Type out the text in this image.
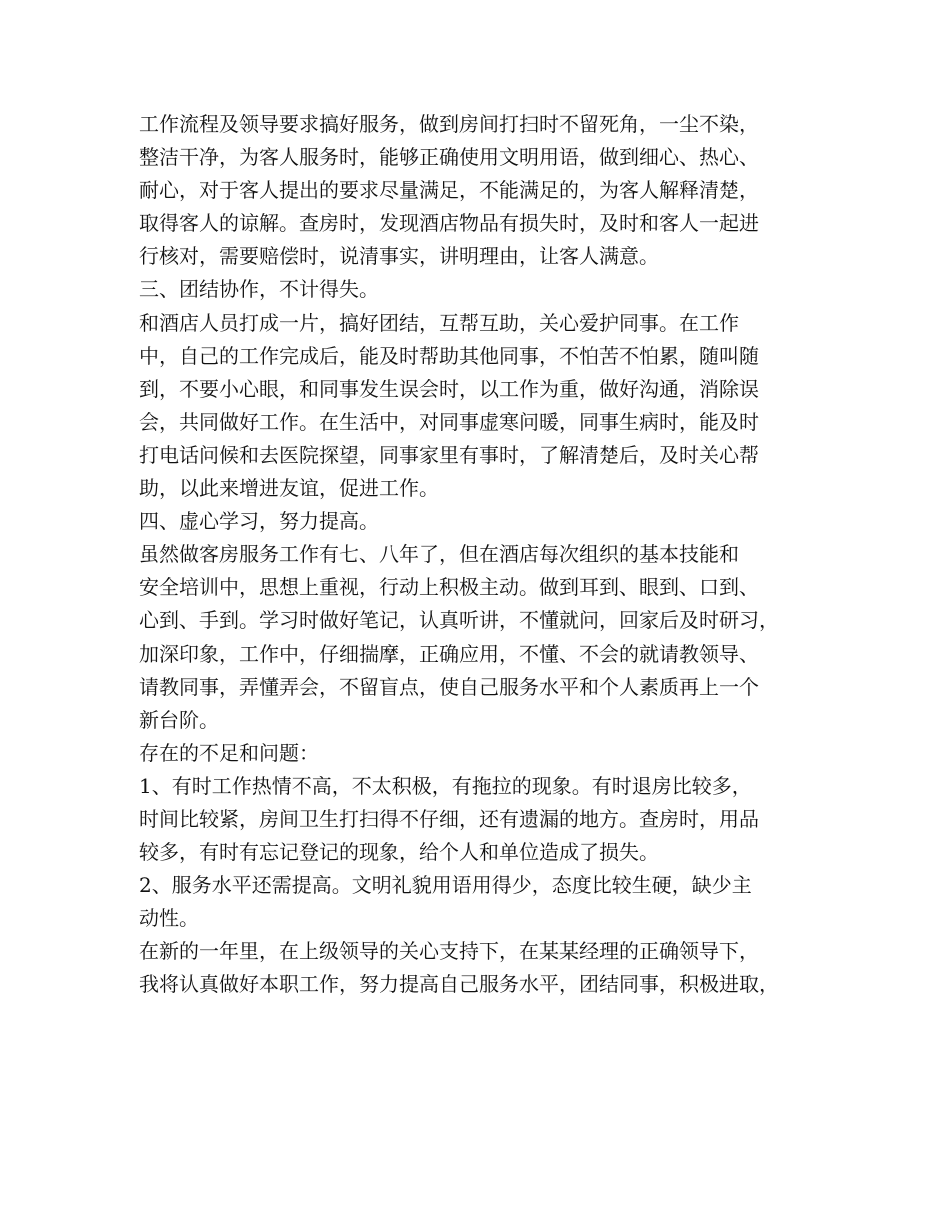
工作流程及领导要求搞好服务，做到房间打扫时不留死角，一尘不染，
整洁干净，为客人服务时，能够正确使用文明用语，做到细心、热心、
耐心，对于客人提出的要求尽量满足，不能满足的，为客人解释清楚，
取得客人的谅解。查房时，发现酒店物品有损失时，及时和客人一起进
行核对，需要赔偿时，说清事实，讲明理由，让客人满意。
三、团结协作，不计得失。
和酒店人员打成一片，搞好团结，互帮互助，关心爱护同事。在工作
中，自己的工作完成后，能及时帮助其他同事，不怕苦不怕累，随叫随
到，不要小心眼，和同事发生误会时，以工作为重，做好沟通，消除误
会，共同做好工作。在生活中，对同事虚寒问暖，同事生病时，能及时
打电话问候和去医院探望，同事家里有事时，了解清楚后，及时关心帮
助，以此来增进友谊，促进工作。
四、虚心学习，努力提高。
虽然做客房服务工作有七、八年了，但在酒店每次组织的基本技能和
安全培训中，思想上重视，行动上积极主动。做到耳到、眼到、口到、
心到、手到。学习时做好笔记，认真听讲，不懂就问，回家后及时研习，
加深印象，工作中，仔细揣摩，正确应用，不懂、不会的就请教领导、
请教同事，弄懂弄会，不留盲点，使自己服务水平和个人素质再上一个
新台阶。
存在的不足和问题：
1、有时工作热情不高，不太积极，有拖拉的现象。有时退房比较多，
时间比较紧，房间卫生打扫得不仔细，还有遗漏的地方。查房时，用品
较多，有时有忘记登记的现象，给个人和单位造成了损失。
2、服务水平还需提高。文明礼貌用语用得少，态度比较生硬，缺少主
动性。
在新的一年里，在上级领导的关心支持下，在某某经理的正确领导下，
我将认真做好本职工作，努力提高自己服务水平，团结同事，积极进取，
